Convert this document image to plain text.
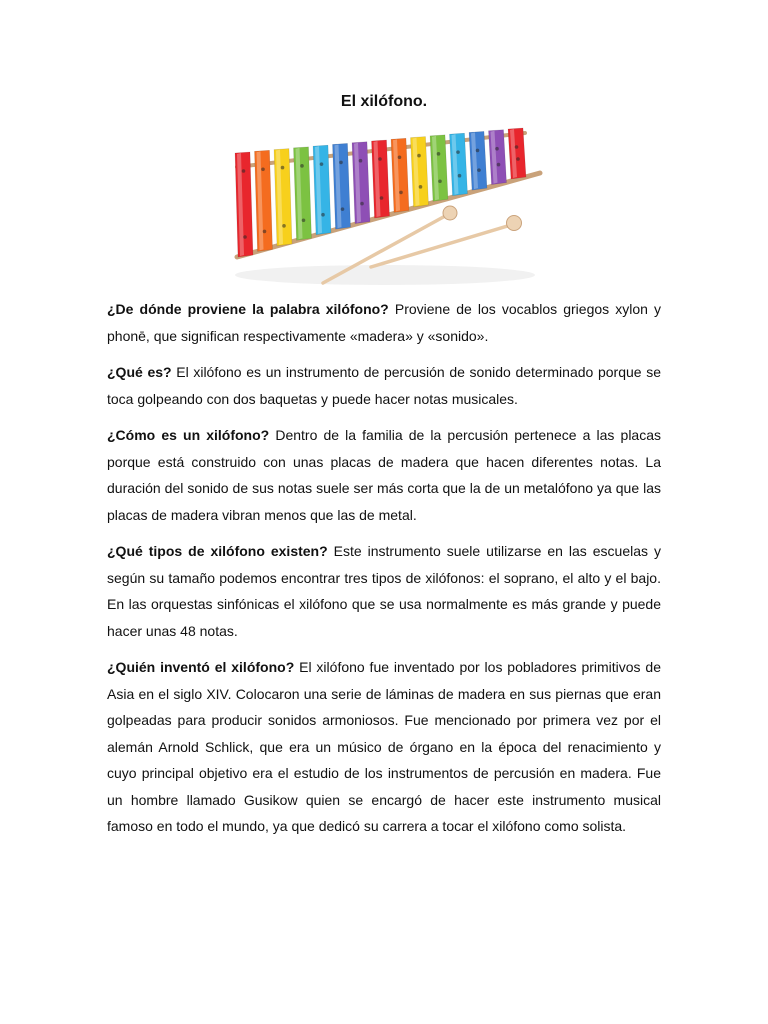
El xilófono.

¿De dónde proviene la palabra xilófono? Proviene de los vocablos griegos xylon y phonē, que significan respectivamente «madera» y «sonido».

¿Qué es? El xilófono es un instrumento de percusión de sonido determinado porque se toca golpeando con dos baquetas y puede hacer notas musicales.

¿Cómo es un xilófono? Dentro de la familia de la percusión pertenece a las placas porque está construido con unas placas de madera que hacen diferentes notas. La duración del sonido de sus notas suele ser más corta que la de un metalófono ya que las placas de madera vibran menos que las de metal.

¿Qué tipos de xilófono existen? Este instrumento suele utilizarse en las escuelas y según su tamaño podemos encontrar tres tipos de xilófonos: el soprano, el alto y el bajo. En las orquestas sinfónicas el xilófono que se usa normalmente es más grande y puede hacer unas 48 notas.

¿Quién inventó el xilófono? El xilófono fue inventado por los pobladores primitivos de Asia en el siglo XIV. Colocaron una serie de láminas de madera en sus piernas que eran golpeadas para producir sonidos armoniosos. Fue mencionado por primera vez por el alemán Arnold Schlick, que era un músico de órgano en la época del renacimiento y cuyo principal objetivo era el estudio de los instrumentos de percusión en madera. Fue un hombre llamado Gusikow quien se encargó de hacer este instrumento musical famoso en todo el mundo, ya que dedicó su carrera a tocar el xilófono como solista.
